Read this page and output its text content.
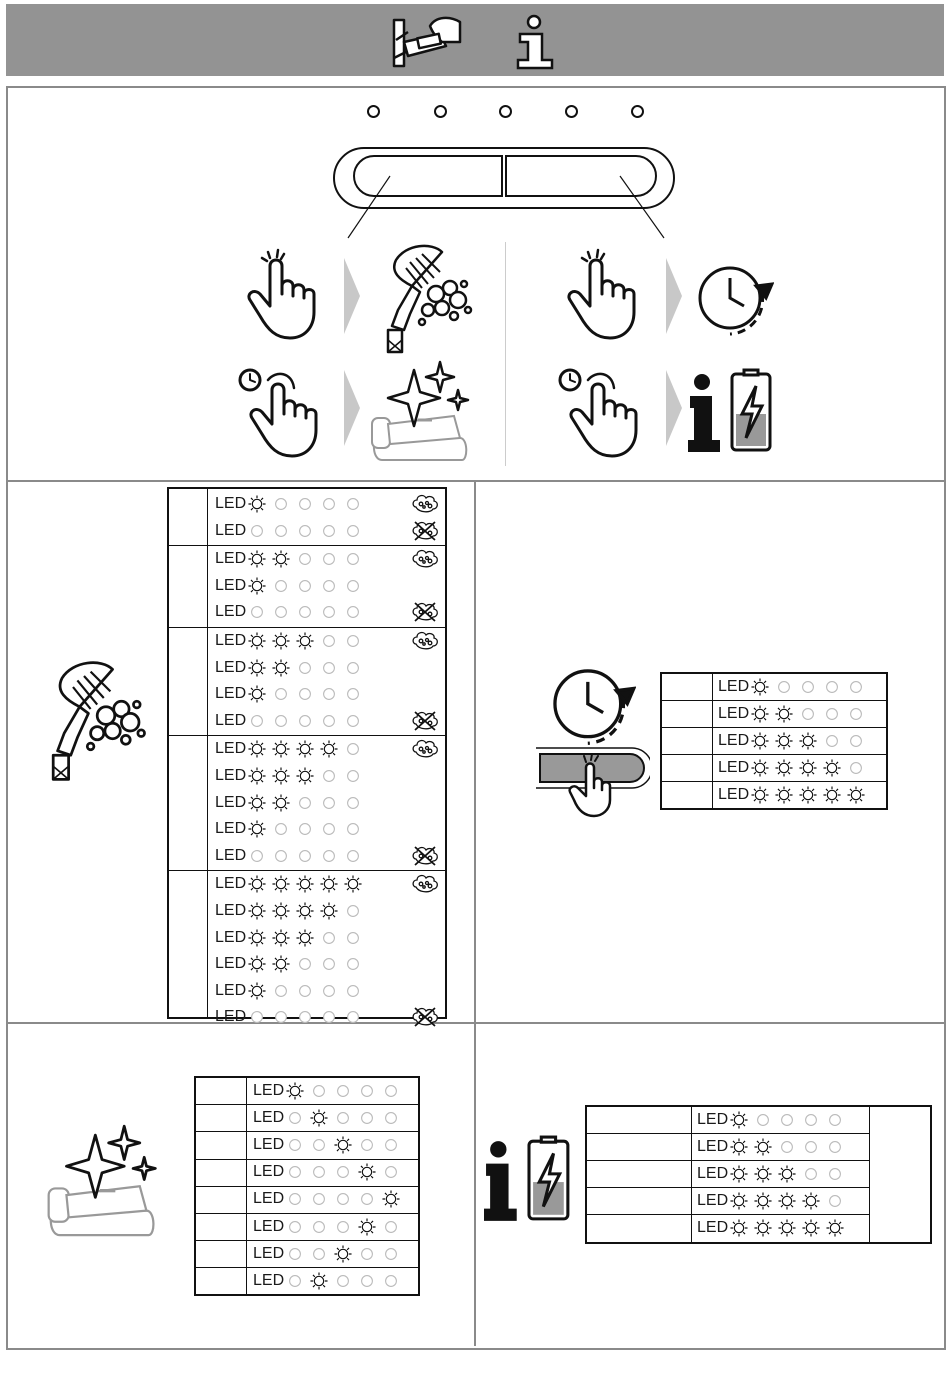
LED
LED
LED
LED
LED
LED
LED
LED
LED
LED
LED
LED
LED
LED
LED
LED
LED
LED
LED
LED
LED
LED
LED
LED
LED
LED
LED
LED
LED
LED
LED
LED
LED
LED
LED
LED
LED
LED
